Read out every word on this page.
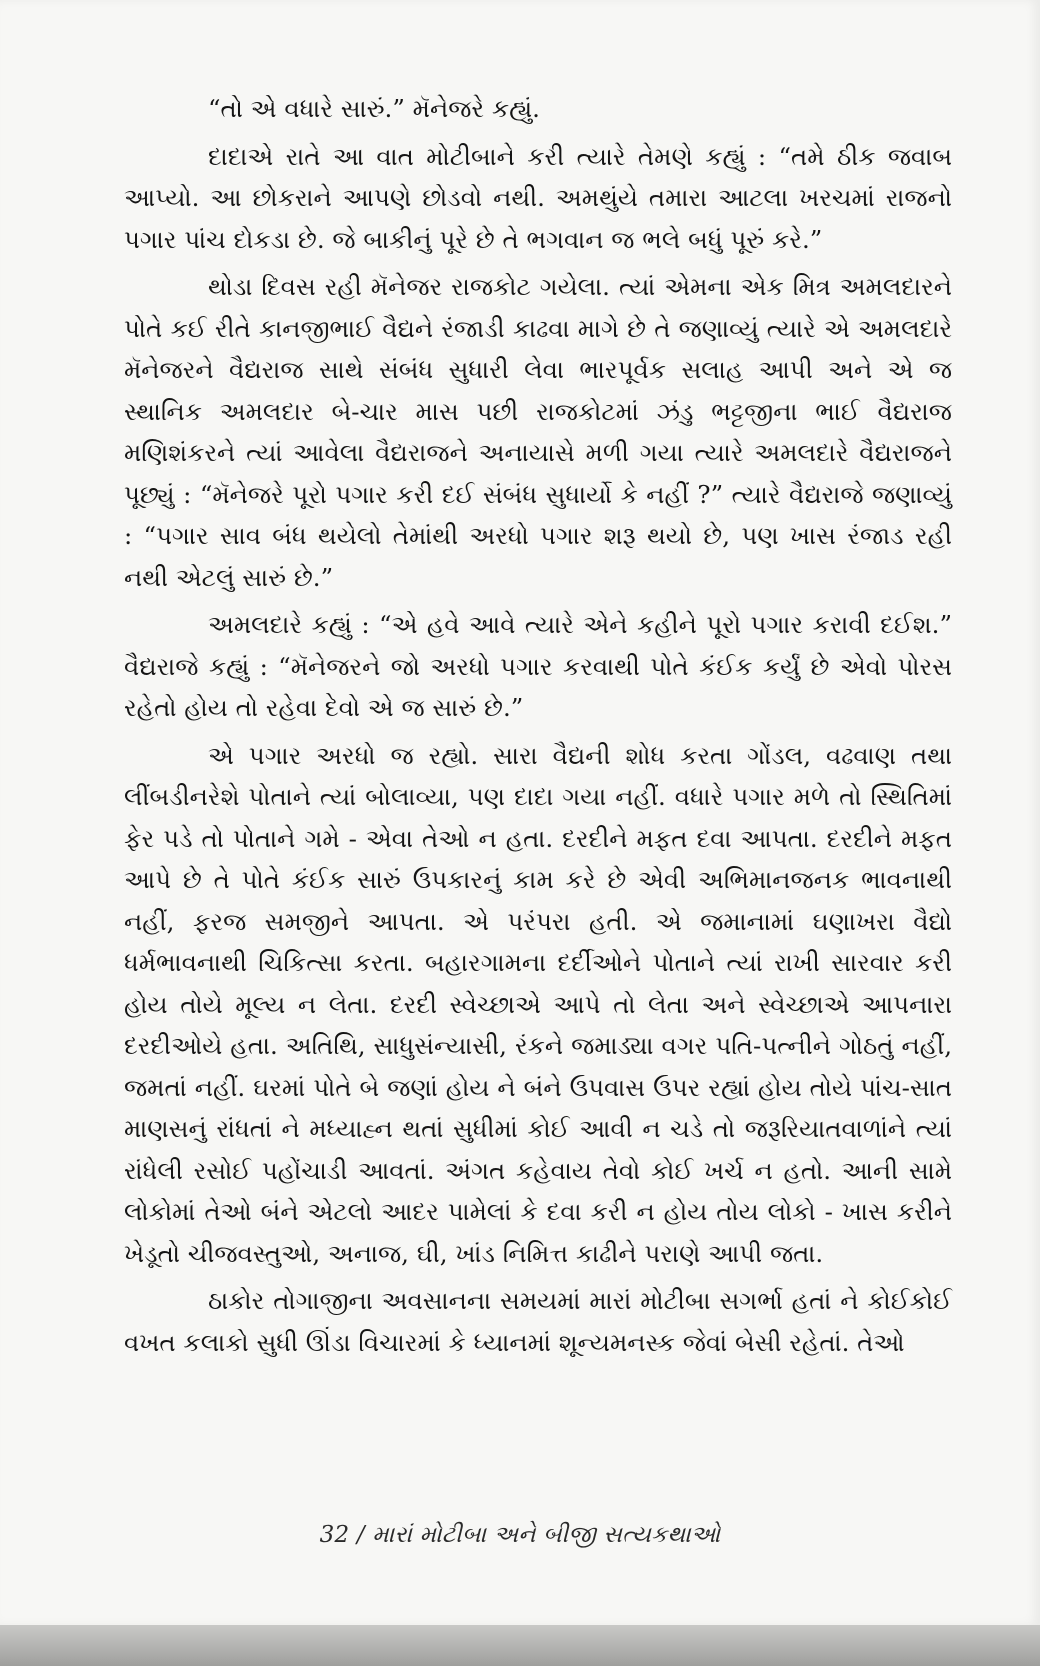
“તો એ વધારે સારું.” મૅનેજરે કહ્યું.

દાદાએ રાતે આ વાત મોટીબાને કરી ત્યારે તેમણે કહ્યું : “તમે ઠીક જવાબ આપ્યો. આ છોકરાને આપણે છોડવો નથી. અમથુંયે તમારા આટલા ખરચમાં રાજનો પગાર પાંચ દોકડા છે. જે બાકીનું પૂરે છે તે ભગવાન જ ભલે બધું પૂરું કરે.”

થોડા દિવસ રહી મૅનેજર રાજકોટ ગયેલા. ત્યાં એમના એક મિત્ર અમલદારને પોતે કઈ રીતે કાનજીભાઈ વૈદ્યને રંજાડી કાઢવા માગે છે તે જણાવ્યું ત્યારે એ અમલદારે મૅનેજરને વૈદ્યરાજ સાથે સંબંધ સુધારી લેવા ભારપૂર્વક સલાહ આપી અને એ જ સ્થાનિક અમલદાર બે-ચાર માસ પછી રાજકોટમાં ઝંડુ ભટ્ટજીના ભાઈ વૈદ્યરાજ મણિશંકરને ત્યાં આવેલા વૈદ્યરાજને અનાયાસે મળી ગયા ત્યારે અમલદારે વૈદ્યરાજને પૂછ્યું : “મૅનેજરે પૂરો પગાર કરી દઈ સંબંધ સુધાર્યો કે નહીં ?” ત્યારે વૈદ્યરાજે જણાવ્યું : “પગાર સાવ બંધ થયેલો તેમાંથી અરધો પગાર શરૂ થયો છે, પણ ખાસ રંજાડ રહી નથી એટલું સારું છે.”

અમલદારે કહ્યું : “એ હવે આવે ત્યારે એને કહીને પૂરો પગાર કરાવી દઈશ.” વૈદ્યરાજે કહ્યું : “મૅનેજરને જો અરધો પગાર કરવાથી પોતે કંઈક કર્યું છે એવો પોરસ રહેતો હોય તો રહેવા દેવો એ જ સારું છે.”

એ પગાર અરધો જ રહ્યો. સારા વૈદ્યની શોધ કરતા ગોંડલ, વઢવાણ તથા લીંબડીનરેશે પોતાને ત્યાં બોલાવ્યા, પણ દાદા ગયા નહીં. વધારે પગાર મળે તો સ્થિતિમાં ફેર પડે તો પોતાને ગમે - એવા તેઓ ન હતા. દરદીને મફત દવા આપતા. દરદીને મફત આપે છે તે પોતે કંઈક સારું ઉપકારનું કામ કરે છે એવી અભિમાનજનક ભાવનાથી નહીં, ફરજ સમજીને આપતા. એ પરંપરા હતી. એ જમાનામાં ઘણાખરા વૈદ્યો ધર્મભાવનાથી ચિકિત્સા કરતા. બહારગામના દર્દીઓને પોતાને ત્યાં રાખી સારવાર કરી હોય તોયે મૂલ્ય ન લેતા. દરદી સ્વેચ્છાએ આપે તો લેતા અને સ્વેચ્છાએ આપનારા દરદીઓયે હતા. અતિથિ, સાધુસંન્યાસી, રંકને જમાડ્યા વગર પતિ-પત્નીને ગોઠતું નહીં, જમતાં નહીં. ઘરમાં પોતે બે જણાં હોય ને બંને ઉપવાસ ઉપર રહ્યાં હોય તોયે પાંચ-સાત માણસનું રાંધતાં ને મધ્યાહ્ન થતાં સુધીમાં કોઈ આવી ન ચડે તો જરૂરિયાતવાળાંને ત્યાં રાંધેલી રસોઈ પહોંચાડી આવતાં. અંગત કહેવાય તેવો કોઈ ખર્ચ ન હતો. આની સામે લોકોમાં તેઓ બંને એટલો આદર પામેલાં કે દવા કરી ન હોય તોય લોકો - ખાસ કરીને ખેડૂતો ચીજવસ્તુઓ, અનાજ, ઘી, ખાંડ નિમિત્ત કાઢીને પરાણે આપી જતા.

ઠાકોર તોગાજીના અવસાનના સમયમાં મારાં મોટીબા સગર્ભા હતાં ને કોઈકોઈ વખત કલાકો સુધી ઊંડા વિચારમાં કે ધ્યાનમાં શૂન્યમનસ્ક જેવાં બેસી રહેતાં. તેઓ

32 / મારાં મોટીબા અને બીજી સત્યકથાઓ
